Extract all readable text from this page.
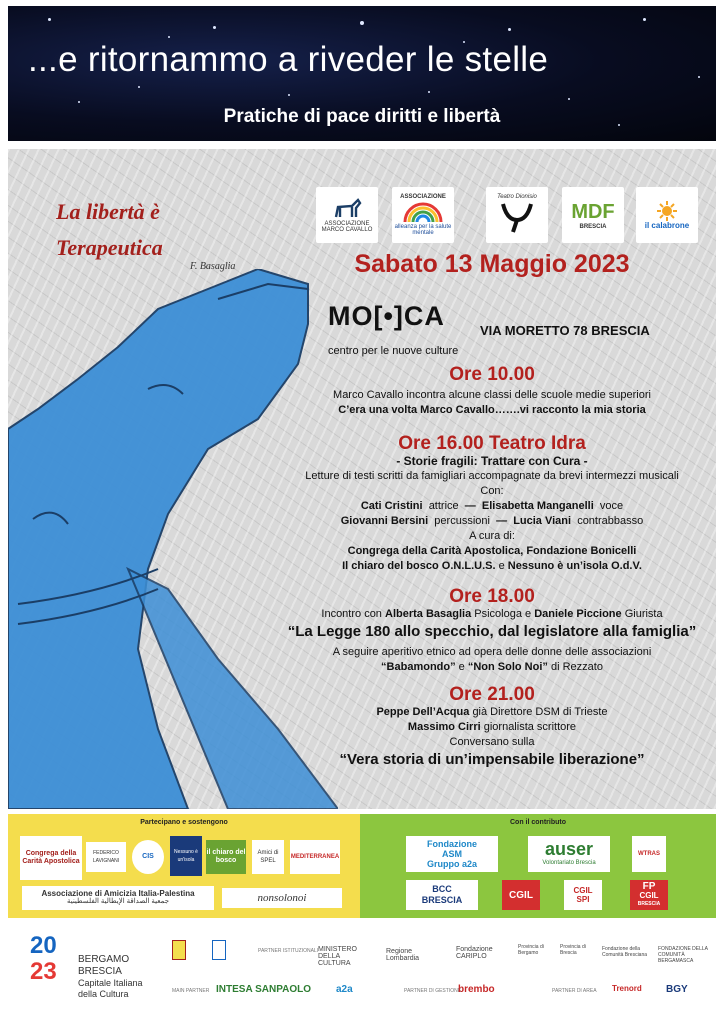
...e ritornammo a riveder le stelle
Pratiche di pace diritti e libertà
La libertà è
Terapeutica
F. Basaglia
ASSOCIAZIONE MARCO CAVALLO
ASSOCIAZIONE
alleanza per la salute mentale
Teatro Dionisio
MDF
BRESCIA	il calabrone
Sabato 13 Maggio 2023
MO[•]CA
centro per le nuove culture
VIA MORETTO 78 BRESCIA
Ore 10.00
Marco Cavallo incontra alcune classi delle scuole medie superiori
C’era una volta Marco Cavallo…….vi racconto la mia storia
Ore 16.00 Teatro Idra
- Storie fragili: Trattare con Cura -
Letture di testi scritti da famigliari accompagnate da brevi intermezzi musicali
Con:
Cati Cristini attrice — Elisabetta Manganelli voce
Giovanni Bersini percussioni — Lucia Viani contrabbasso
A cura di:
Congrega della Carità Apostolica, Fondazione Bonicelli
Il chiaro del bosco O.N.L.U.S. e Nessuno è un’isola O.d.V.
Ore 18.00
Incontro con Alberta Basaglia Psicologa e Daniele Piccione Giurista
“La Legge 180 allo specchio, dal legislatore alla famiglia”
A seguire aperitivo etnico ad opera delle donne delle associazioni
“Babamondo” e “Non Solo Noi” di Rezzato
Ore 21.00
Peppe Dell’Acqua già Direttore DSM di Trieste
Massimo Cirri giornalista scrittore
Conversano sulla
“Vera storia di un’impensabile liberazione”
Partecipano e sostengono
Congrega della Carità Apostolica
FEDERICO LAVIGNANI
CIS
Nessuno è un'isola
il chiaro del bosco
Amici di SPEL
MEDITERRANEA
Associazione di Amicizia Italia-Palestina
جمعية الصداقة الإيطالية الفلسطينية	nonsolonoi
Con il contributo
Fondazione
ASM
Gruppo a2a
auser
Volontariato Brescia
WTRAS
BCC
BRESCIA	CGIL	CGIL
SPI
FP
CGIL
BRESCIA
20
23 BERGAMO
BRESCIA
Capitale Italiana
della Cultura
PARTNER ISTITUZIONALI MINISTERO DELLA CULTURA
Regione Lombardia
Fondazione CARIPLO
Provincia di Bergamo
Provincia di Brescia
Fondazione della Comunità Bresciana
FONDAZIONE DELLA COMUNITÀ BERGAMASCA
MAIN PARTNER INTESA SANPAOLO a2a	PARTNER DI GESTIONE
brembo	PARTNER DI AREA Trenord BGY
